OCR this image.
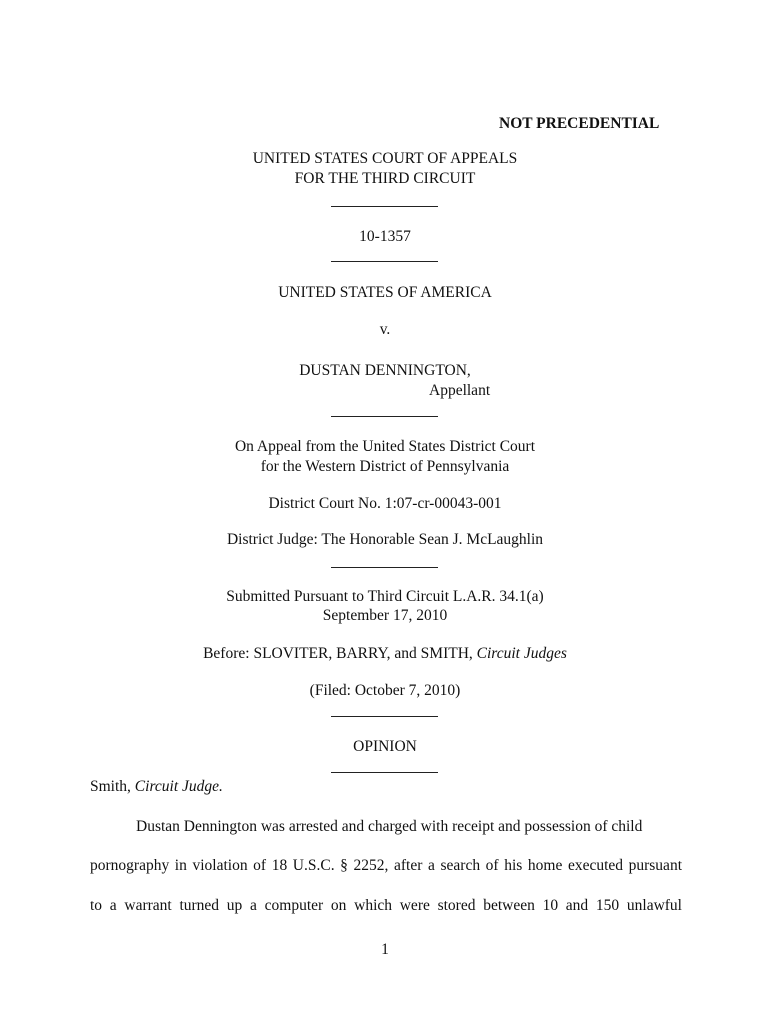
NOT PRECEDENTIAL
UNITED STATES COURT OF APPEALS
FOR THE THIRD CIRCUIT
10-1357
UNITED STATES OF AMERICA
v.
DUSTAN DENNINGTON,
Appellant
On Appeal from the United States District Court
for the Western District of Pennsylvania
District Court No. 1:07-cr-00043-001
District Judge: The Honorable Sean J. McLaughlin
Submitted Pursuant to Third Circuit L.A.R. 34.1(a)
September 17, 2010
Before: SLOVITER, BARRY, and SMITH, Circuit Judges
(Filed: October 7, 2010)
OPINION
Smith, Circuit Judge.
Dustan Dennington was arrested and charged with receipt and possession of child
pornography in violation of 18 U.S.C. § 2252, after a search of his home executed pursuant
to a warrant turned up a computer on which were stored between 10 and 150 unlawful
1
